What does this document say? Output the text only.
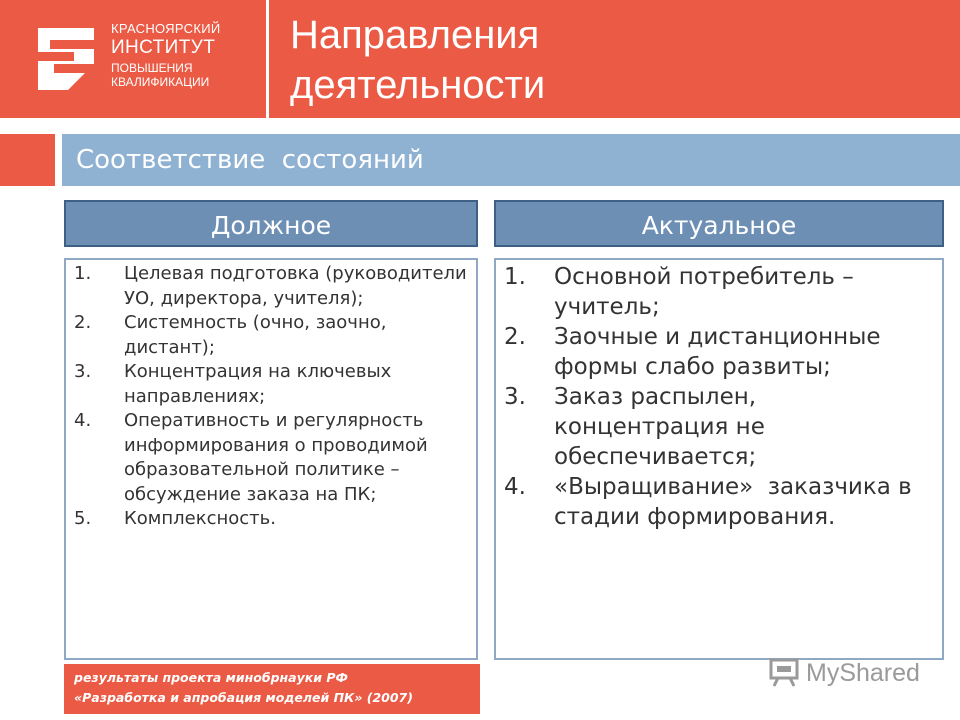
КРАСНОЯРСКИЙ
ИНСТИТУТ
ПОВЫШЕНИЯ
КВАЛИФИКАЦИИ
Направления
деятельности
Соответствие  состояний
Должное	Актуальное
1.	Целевая подготовка (руководители УО, директора, учителя);
2.	Системность (очно, заочно, дистант);
3.	Концентрация на ключевых направлениях;
4.	Оперативность и регулярность информирования о проводимой образовательной политике – обсуждение заказа на ПК;
5.	Комплексность.
1.	Основной потребитель – учитель;
2.	Заочные и дистанционные формы слабо развиты;
3.	Заказ распылен, концентрация не обеспечивается;
4.	«Выращивание»  заказчика в стадии формирования.
результаты проекта минобрнауки РФ
«Разработка и апробация моделей ПК» (2007)
MyShared
